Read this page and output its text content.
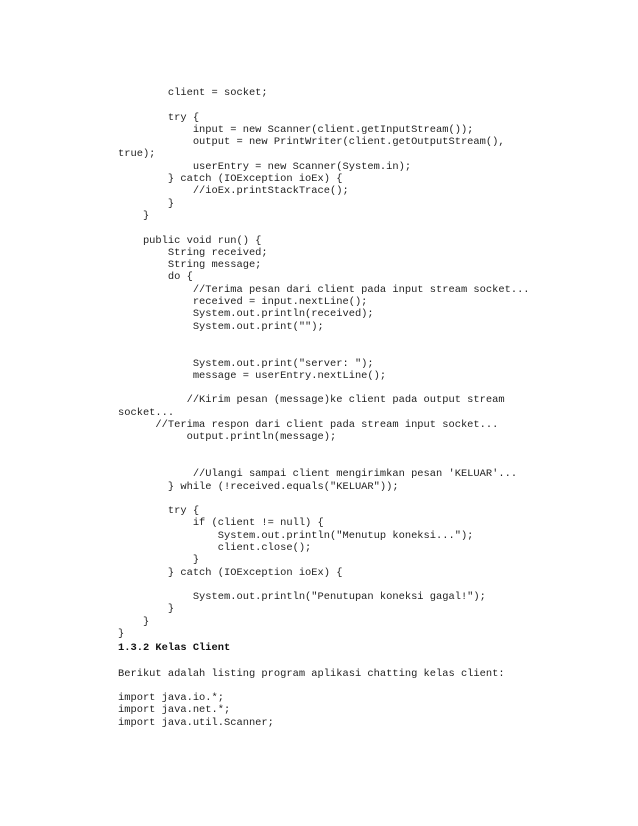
client = socket;
try {
input = new Scanner(client.getInputStream());
output = new PrintWriter(client.getOutputStream(),
true);
userEntry = new Scanner(System.in);
} catch (IOException ioEx) {
//ioEx.printStackTrace();
}
}
public void run() {
String received;
String message;
do {
//Terima pesan dari client pada input stream socket...
received = input.nextLine();
System.out.println(received);
System.out.print("");
System.out.print("server: ");
message = userEntry.nextLine();
//Kirim pesan (message)ke client pada output stream
socket...
//Terima respon dari client pada stream input socket...
output.println(message);
//Ulangi sampai client mengirimkan pesan 'KELUAR'...
} while (!received.equals("KELUAR"));
try {
if (client != null) {
System.out.println("Menutup koneksi...");
client.close();
}
} catch (IOException ioEx) {
System.out.println("Penutupan koneksi gagal!");
}
}
}
1.3.2 Kelas Client
Berikut adalah listing program aplikasi chatting kelas client:
import java.io.*;
import java.net.*;
import java.util.Scanner;
